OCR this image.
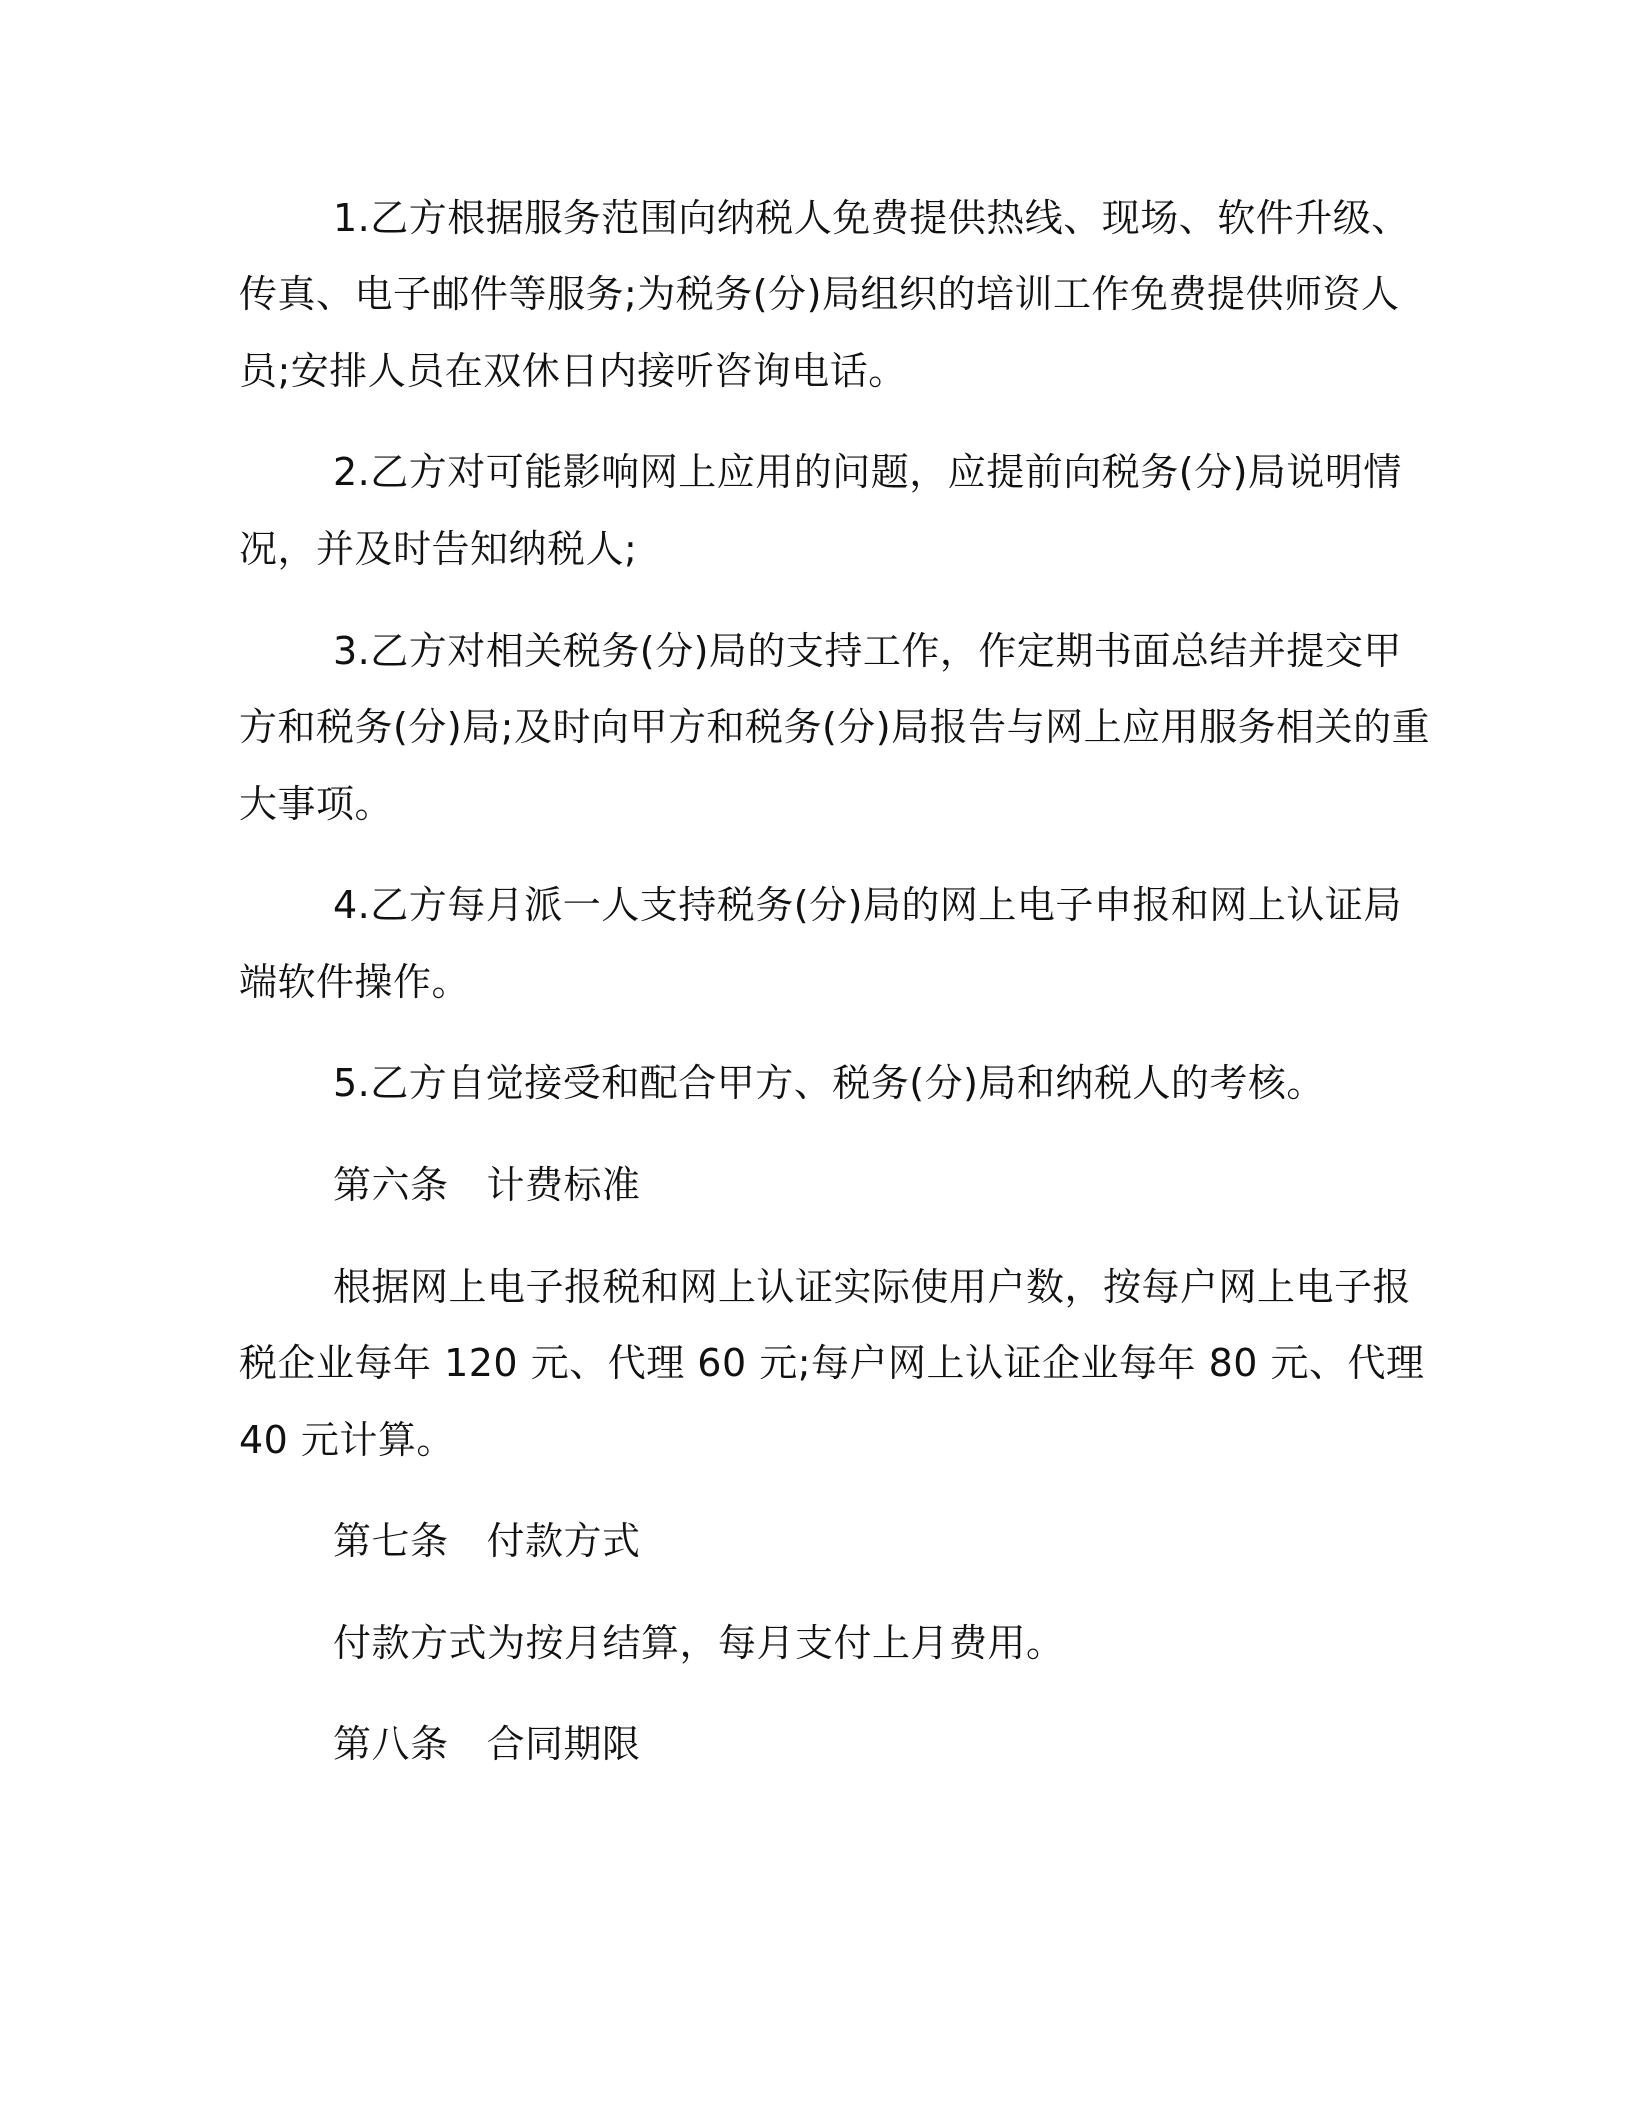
1.乙方根据服务范围向纳税人免费提供热线、现场、软件升级、
传真、电子邮件等服务;为税务(分)局组织的培训工作免费提供师资人
员;安排人员在双休日内接听咨询电话。
2.乙方对可能影响网上应用的问题，应提前向税务(分)局说明情
况，并及时告知纳税人;
3.乙方对相关税务(分)局的支持工作，作定期书面总结并提交甲
方和税务(分)局;及时向甲方和税务(分)局报告与网上应用服务相关的重
大事项。
4.乙方每月派一人支持税务(分)局的网上电子申报和网上认证局
端软件操作。
5.乙方自觉接受和配合甲方、税务(分)局和纳税人的考核。
第六条 计费标准
根据网上电子报税和网上认证实际使用户数，按每户网上电子报
税企业每年 120 元、代理 60 元;每户网上认证企业每年 80 元、代理
40 元计算。
第七条 付款方式
付款方式为按月结算，每月支付上月费用。
第八条 合同期限
